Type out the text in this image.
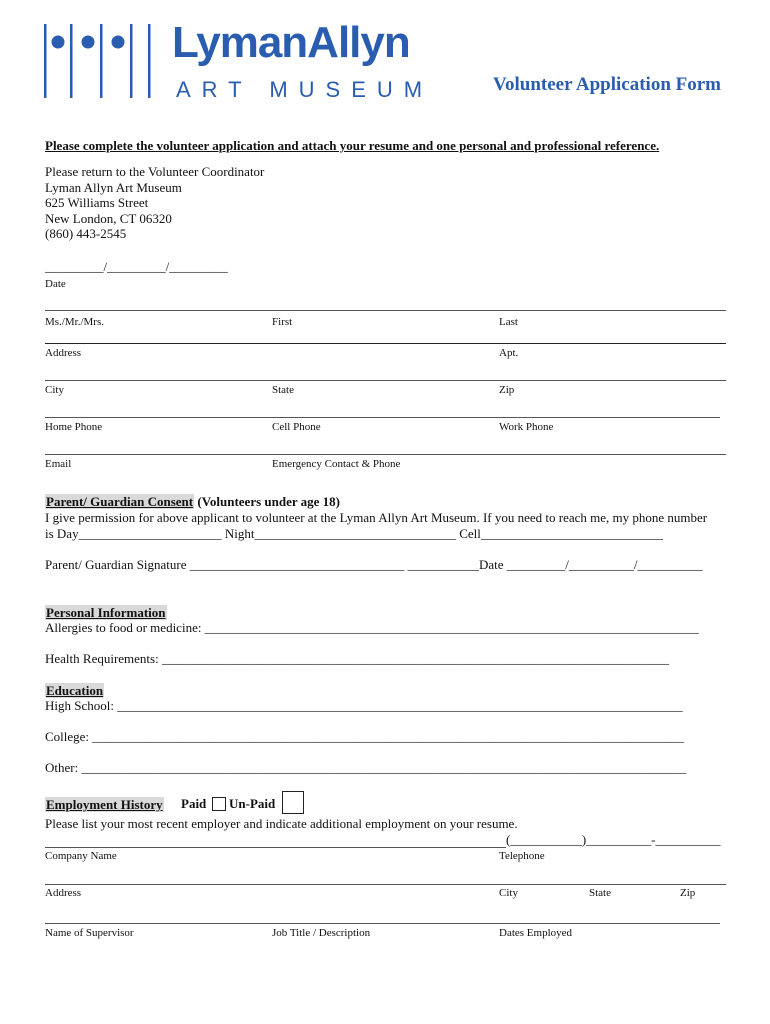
LymanAllyn
ART MUSEUM	Volunteer Application Form
Please complete the volunteer application and attach your resume and one personal and professional reference.
Please return to the Volunteer Coordinator
Lyman Allyn Art Museum
625 Williams Street
New London, CT 06320
(860) 443-2545
_________/_________/_________
Date
Ms./Mr./Mrs.	First	Last
Address	Apt.
City	State	Zip
Home Phone	Cell Phone	Work Phone
Email	Emergency Contact & Phone
Parent/ Guardian Consent (Volunteers under age 18)
I give permission for above applicant to volunteer at the Lyman Allyn Art Museum. If you need to reach me, my phone number
is Day______________________ Night_______________________________ Cell____________________________
Parent/ Guardian Signature _________________________________ ___________Date _________/__________/__________
Personal Information
Allergies to food or medicine: ____________________________________________________________________________
Health Requirements: ______________________________________________________________________________
Education
High School: _______________________________________________________________________________________
College: ___________________________________________________________________________________________
Other: _____________________________________________________________________________________________
Employment History Paid Un-Paid
Please list your most recent employer and indicate additional employment on your resume.
(___________)__________-__________
Company Name	Telephone
Address	City	State	Zip
Name of Supervisor	Job Title / Description	Dates Employed
